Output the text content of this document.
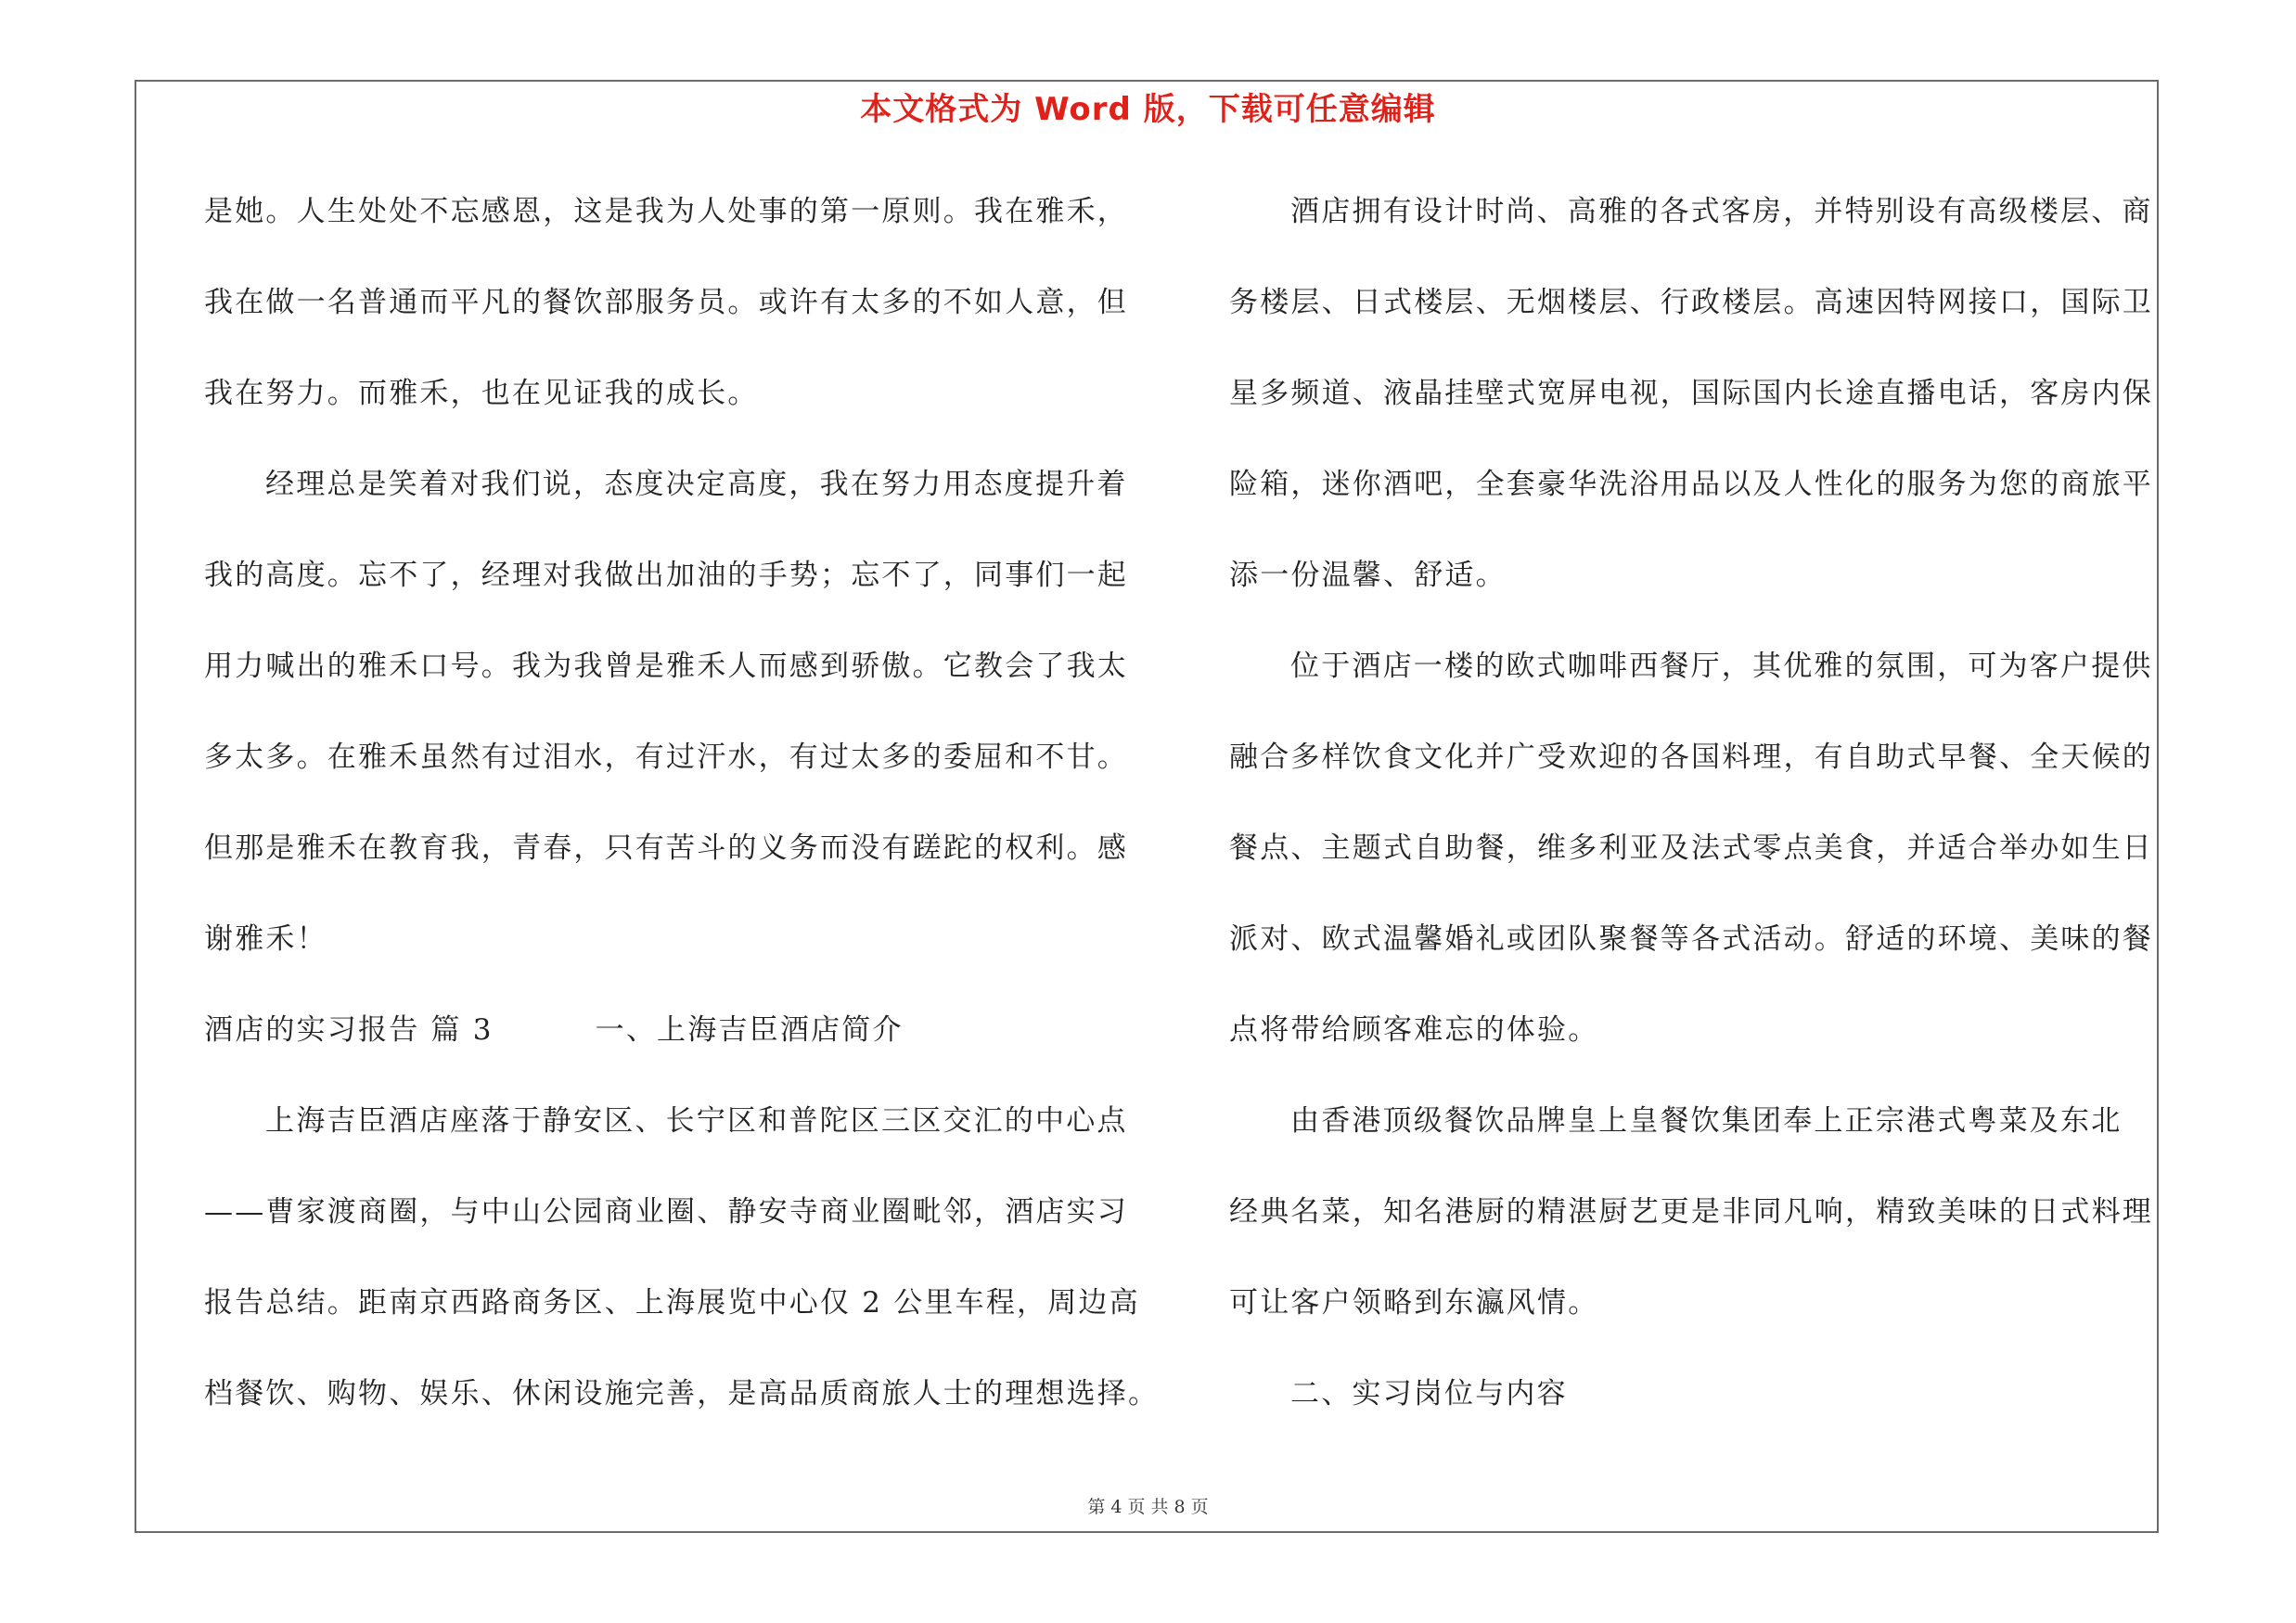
本文格式为 Word 版，下载可任意编辑
是她。人生处处不忘感恩，这是我为人处事的第一原则。我在雅禾，
我在做一名普通而平凡的餐饮部服务员。或许有太多的不如人意，但
我在努力。而雅禾，也在见证我的成长。
经理总是笑着对我们说，态度决定高度，我在努力用态度提升着
我的高度。忘不了，经理对我做出加油的手势；忘不了，同事们一起
用力喊出的雅禾口号。我为我曾是雅禾人而感到骄傲。它教会了我太
多太多。在雅禾虽然有过泪水，有过汗水，有过太多的委屈和不甘。
但那是雅禾在教育我，青春，只有苦斗的义务而没有蹉跎的权利。感
谢雅禾！
酒店的实习报告 篇 3	一、上海吉臣酒店简介
上海吉臣酒店座落于静安区、长宁区和普陀区三区交汇的中心点
——曹家渡商圈，与中山公园商业圈、静安寺商业圈毗邻，酒店实习
报告总结。距南京西路商务区、上海展览中心仅 2 公里车程，周边高
档餐饮、购物、娱乐、休闲设施完善，是高品质商旅人士的理想选择。
酒店拥有设计时尚、高雅的各式客房，并特别设有高级楼层、商
务楼层、日式楼层、无烟楼层、行政楼层。高速因特网接口，国际卫
星多频道、液晶挂壁式宽屏电视，国际国内长途直播电话，客房内保
险箱，迷你酒吧，全套豪华洗浴用品以及人性化的服务为您的商旅平
添一份温馨、舒适。
位于酒店一楼的欧式咖啡西餐厅，其优雅的氛围，可为客户提供
融合多样饮食文化并广受欢迎的各国料理，有自助式早餐、全天候的
餐点、主题式自助餐，维多利亚及法式零点美食，并适合举办如生日
派对、欧式温馨婚礼或团队聚餐等各式活动。舒适的环境、美味的餐
点将带给顾客难忘的体验。
由香港顶级餐饮品牌皇上皇餐饮集团奉上正宗港式粤菜及东北
经典名菜，知名港厨的精湛厨艺更是非同凡响，精致美味的日式料理
可让客户领略到东瀛风情。
二、实习岗位与内容
第 4 页 共 8 页
